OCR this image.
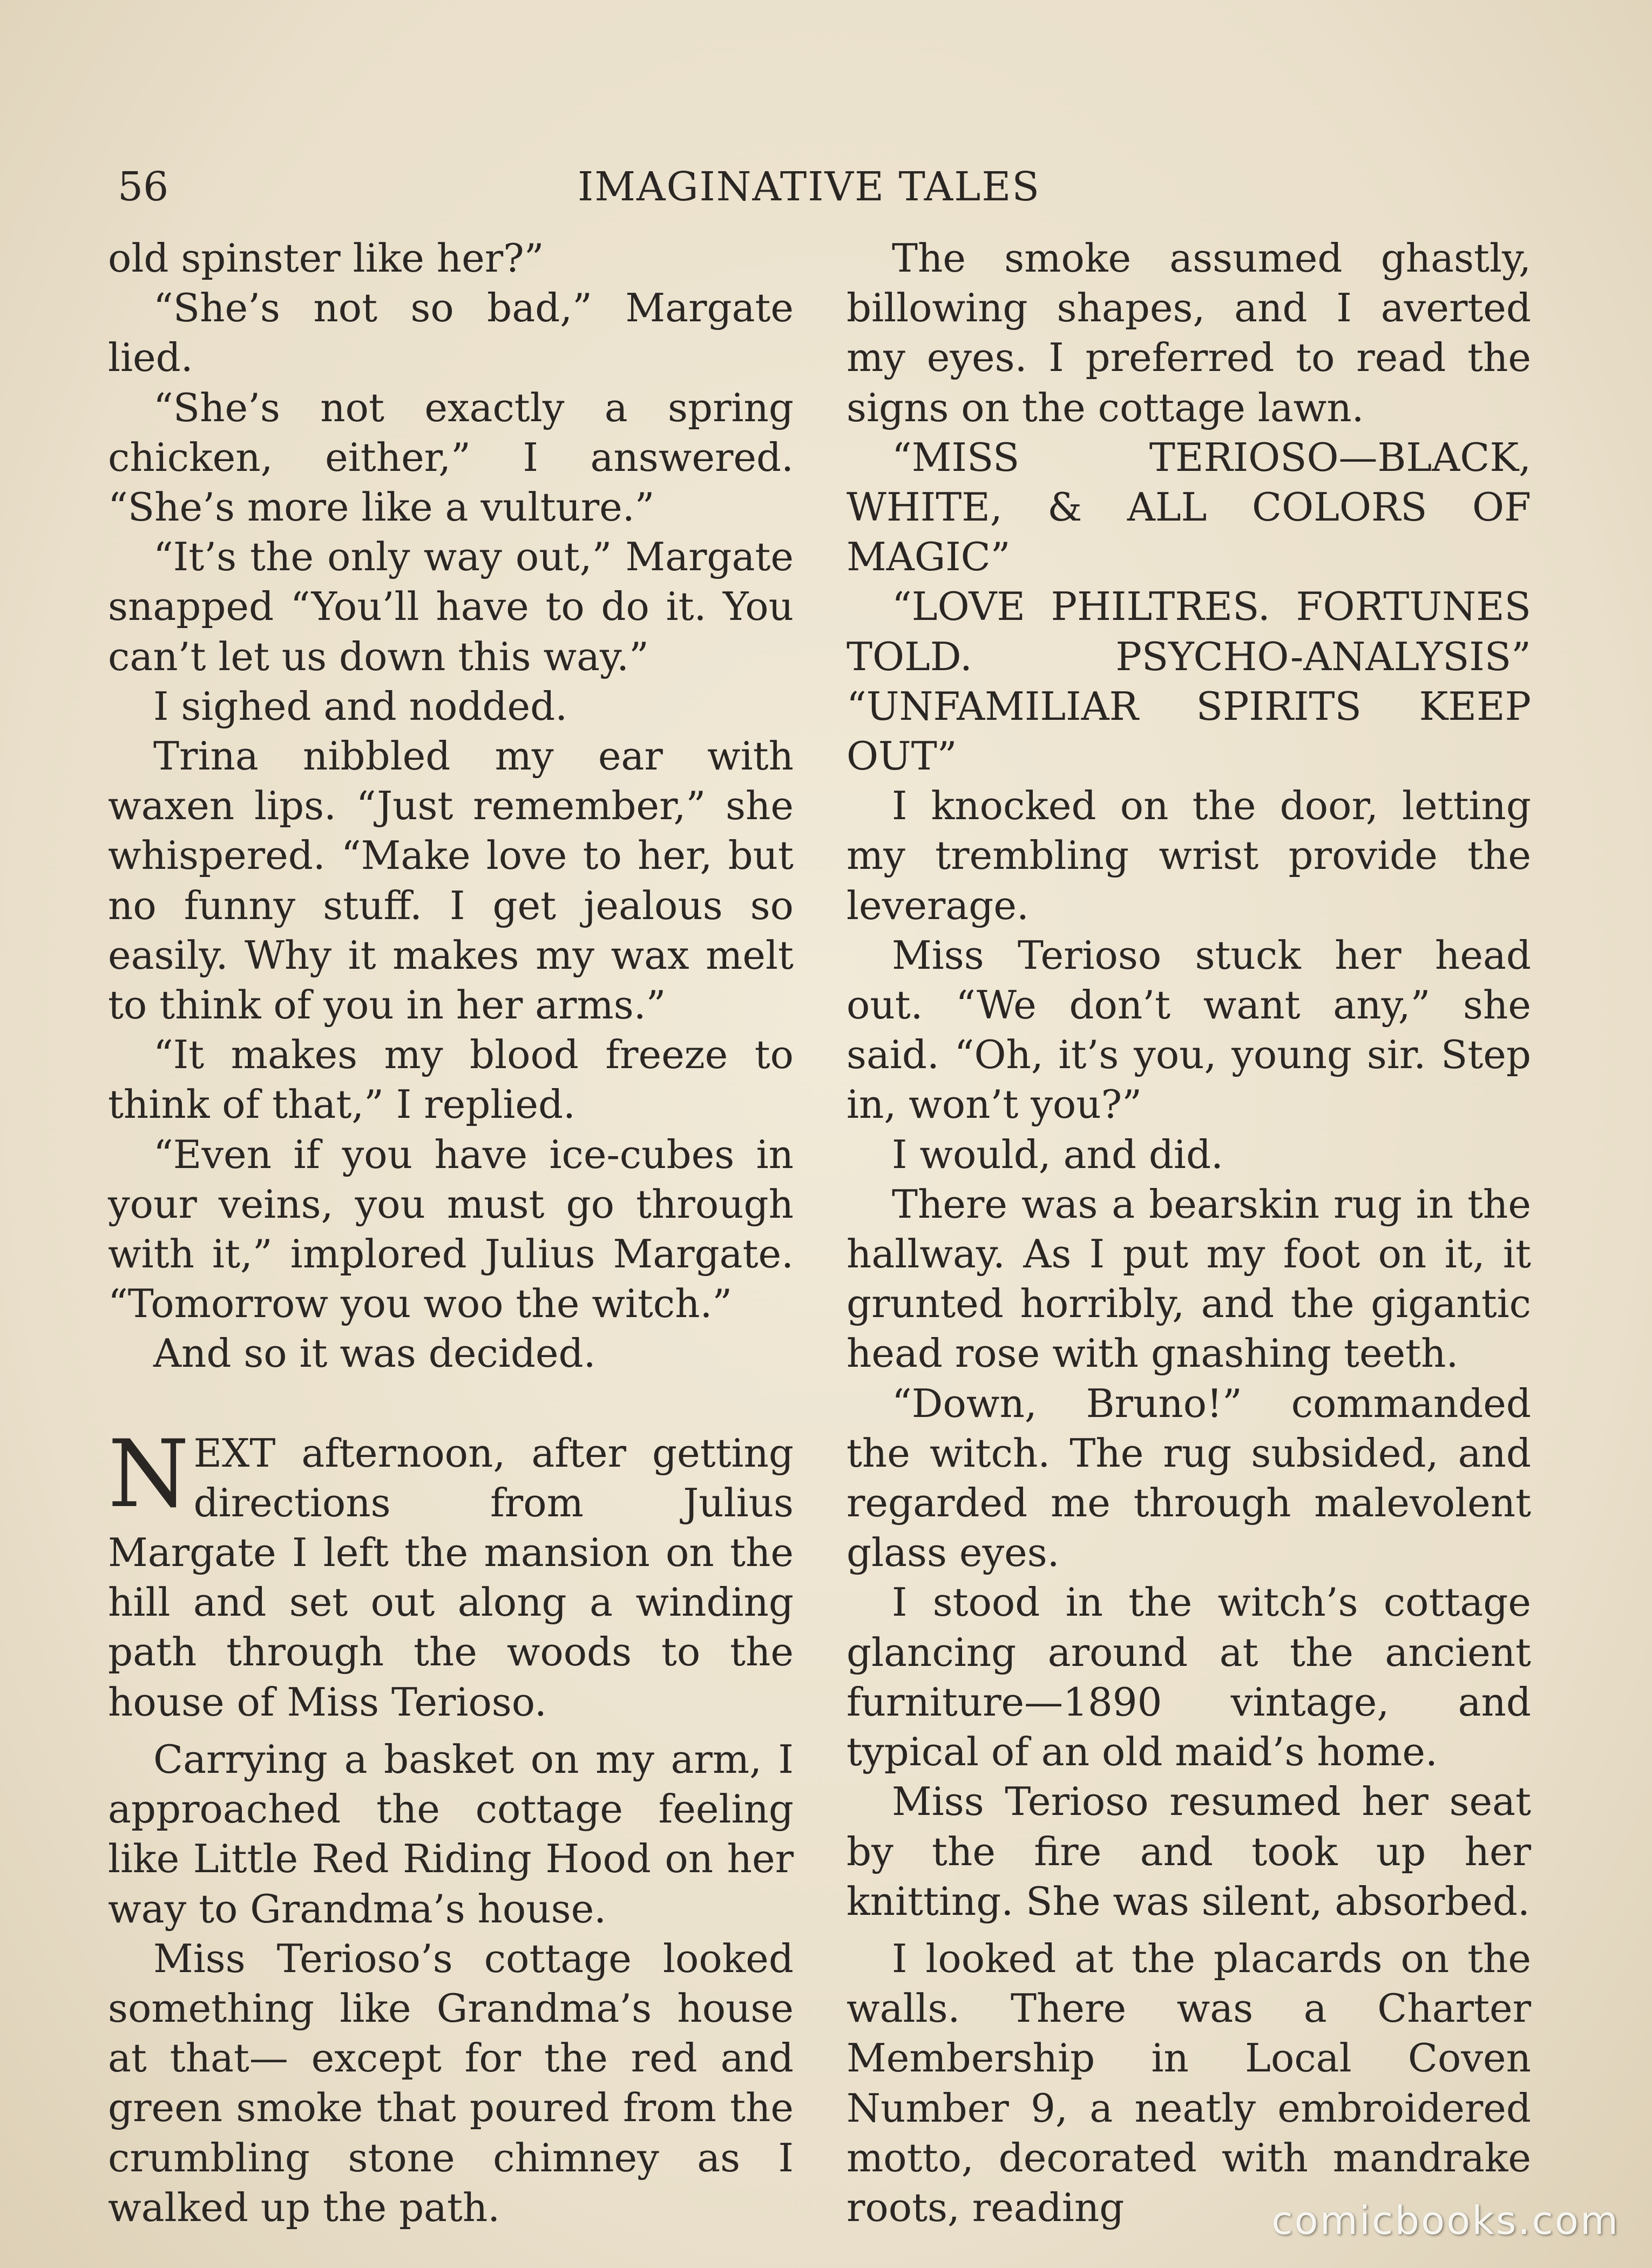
56	IMAGINATIVE TALES

old spinster like her?”

“She’s not so bad,” Margate lied.

“She’s not exactly a spring chicken, either,” I answered. “She’s more like a vulture.”

“It’s the only way out,” Margate snapped “You’ll have to do it. You can’t let us down this way.”

I sighed and nodded.

Trina nibbled my ear with waxen lips. “Just remember,” she whispered. “Make love to her, but no funny stuff. I get jealous so easily. Why it makes my wax melt to think of you in her arms.”

“It makes my blood freeze to think of that,” I replied.

“Even if you have ice-cubes in your veins, you must go through with it,” implored Julius Margate. “Tomorrow you woo the witch.”

And so it was decided.

NEXT afternoon, after getting directions from Julius Margate I left the mansion on the hill and set out along a winding path through the woods to the house of Miss Terioso.

Carrying a basket on my arm, I approached the cottage feeling like Little Red Riding Hood on her way to Grandma’s house.

Miss Terioso’s cottage looked something like Grandma’s house at that— except for the red and green smoke that poured from the crumbling stone chimney as I walked up the path.

The smoke assumed ghastly, billowing shapes, and I averted my eyes. I preferred to read the signs on the cottage lawn.

“MISS TERIOSO—BLACK, WHITE, & ALL COLORS OF MAGIC”

“LOVE PHILTRES. FORTUNES TOLD. PSYCHO-ANALYSIS” “UNFAMILIAR SPIRITS KEEP OUT”

I knocked on the door, letting my trembling wrist provide the leverage.

Miss Terioso stuck her head out. “We don’t want any,” she said. “Oh, it’s you, young sir. Step in, won’t you?”

I would, and did.

There was a bearskin rug in the hallway. As I put my foot on it, it grunted horribly, and the gigantic head rose with gnashing teeth.

“Down, Bruno!” commanded the witch. The rug subsided, and regarded me through malevolent glass eyes.

I stood in the witch’s cottage glancing around at the ancient furniture—1890 vintage, and typical of an old maid’s home.

Miss Terioso resumed her seat by the fire and took up her knitting. She was silent, absorbed.

I looked at the placards on the walls. There was a Charter Membership in Local Coven Number 9, a neatly embroidered motto, decorated with mandrake roots, reading	comicbooks.com
